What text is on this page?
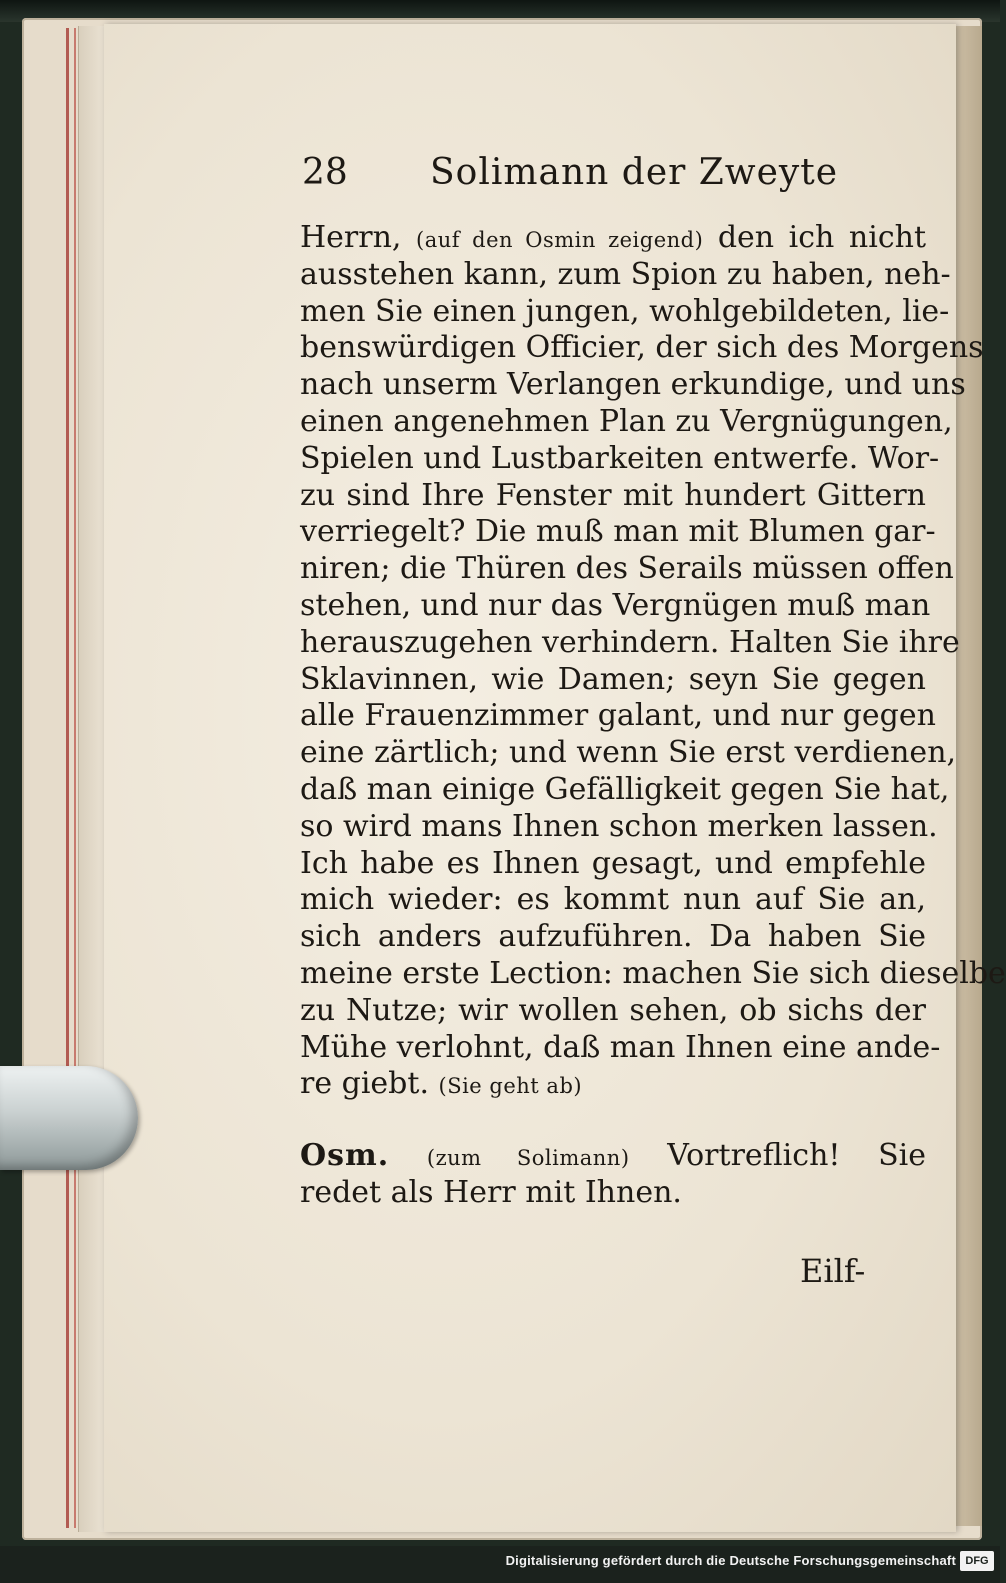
28 Solimann der Zweyte
Herrn, (auf den Osmin zeigend) den ich nicht
ausstehen kann, zum Spion zu haben, neh-
men Sie einen jungen, wohlgebildeten, lie-
benswürdigen Officier, der sich des Morgens
nach unserm Verlangen erkundige, und uns
einen angenehmen Plan zu Vergnügungen,
Spielen und Lustbarkeiten entwerfe. Wor-
zu sind Ihre Fenster mit hundert Gittern
verriegelt? Die muß man mit Blumen gar-
niren; die Thüren des Serails müssen offen
stehen, und nur das Vergnügen muß man
herauszugehen verhindern. Halten Sie ihre
Sklavinnen, wie Damen; seyn Sie gegen
alle Frauenzimmer galant, und nur gegen
eine zärtlich; und wenn Sie erst verdienen,
daß man einige Gefälligkeit gegen Sie hat,
so wird mans Ihnen schon merken lassen.
Ich habe es Ihnen gesagt, und empfehle
mich wieder: es kommt nun auf Sie an,
sich anders aufzuführen. Da haben Sie
meine erste Lection: machen Sie sich dieselbe
zu Nutze; wir wollen sehen, ob sichs der
Mühe verlohnt, daß man Ihnen eine ande-
re giebt. (Sie geht ab)
Osm. (zum Solimann) Vortreflich! Sie
redet als Herr mit Ihnen.
Eilf-
Digitalisierung gefördert durch die Deutsche Forschungsgemeinschaft DFG
